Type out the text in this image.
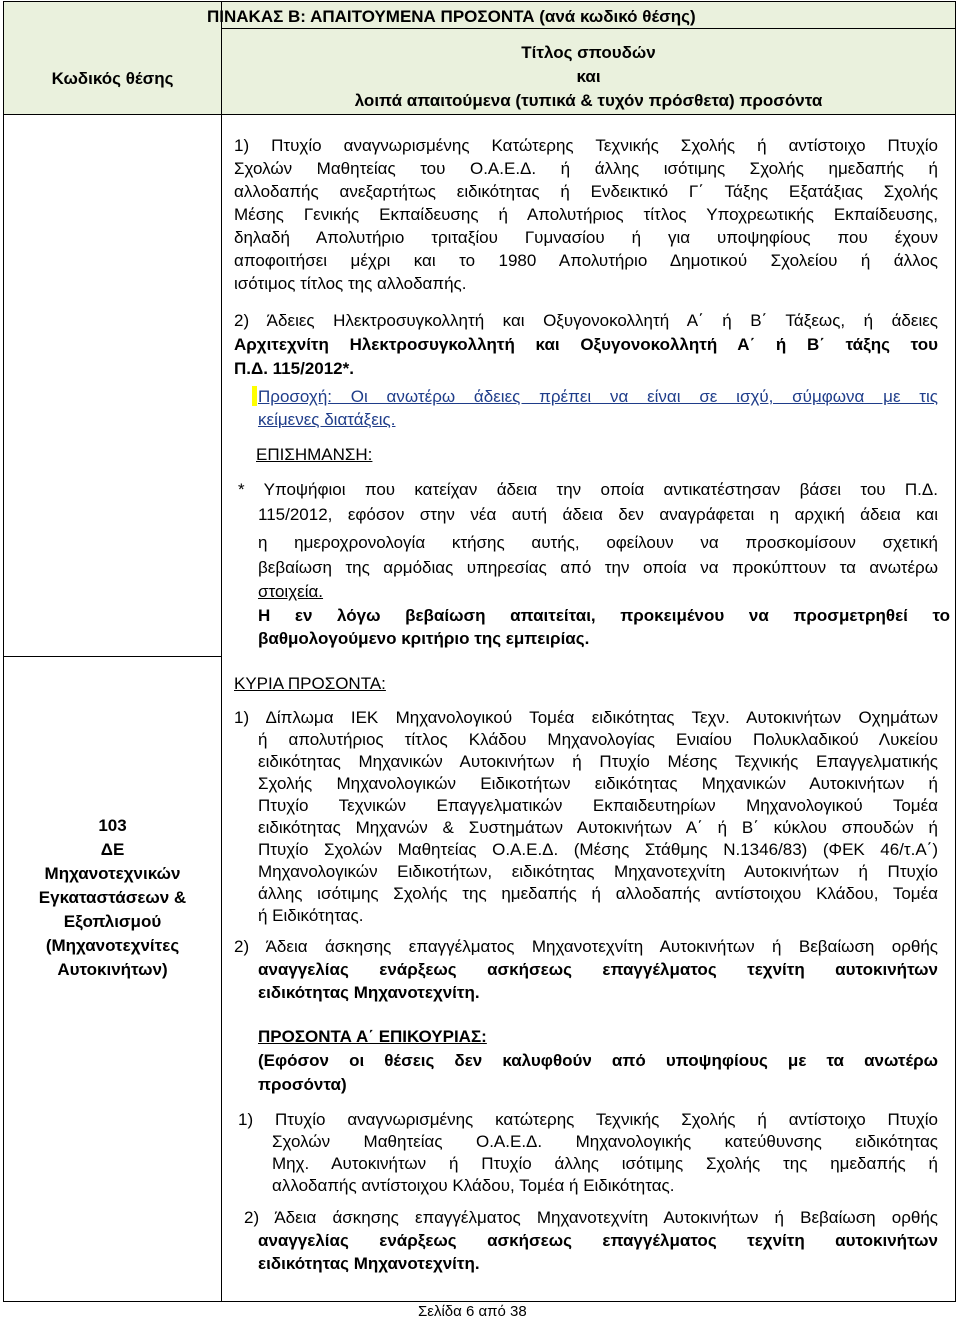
ΠΙΝΑΚΑΣ Β: ΑΠΑΙΤΟΥΜΕΝΑ ΠΡΟΣΟΝΤΑ (ανά κωδικό θέσης)
Κωδικός θέσης
Τίτλος σπουδών
και
λοιπά απαιτούμενα (τυπικά & τυχόν πρόσθετα) προσόντα
103
ΔΕ
Μηχανοτεχνικών
Εγκαταστάσεων &
Εξοπλισμού
(Μηχανοτεχνίτες
Αυτοκινήτων)
1) Πτυχίο αναγνωρισμένης Κατώτερης Τεχνικής Σχολής ή αντίστοιχο Πτυχίο
Σχολών Μαθητείας του Ο.Α.Ε.Δ. ή άλλης ισότιμης Σχολής ημεδαπής ή
αλλοδαπής ανεξαρτήτως ειδικότητας ή Ενδεικτικό Γ΄ Τάξης Εξατάξιας Σχολής
Μέσης Γενικής Εκπαίδευσης ή Απολυτήριος τίτλος Υποχρεωτικής Εκπαίδευσης,
δηλαδή Απολυτήριο τριταξίου Γυμνασίου ή για υποψηφίους που έχουν
αποφοιτήσει μέχρι και το 1980 Απολυτήριο Δημοτικού Σχολείου ή άλλος
ισότιμος τίτλος της αλλοδαπής.
2) Άδειες Ηλεκτροσυγκολλητή και Οξυγονοκολλητή Α΄ ή Β΄ Τάξεως, ή άδειες
Αρχιτεχνίτη Ηλεκτροσυγκολλητή και Οξυγονοκολλητή Α΄ ή Β΄ τάξης του
Π.Δ. 115/2012*.
Προσοχή: Οι ανωτέρω άδειες πρέπει να είναι σε ισχύ, σύμφωνα με τις
κείμενες διατάξεις.
ΕΠΙΣΗΜΑΝΣΗ:
* Υποψήφιοι που κατείχαν άδεια την οποία αντικατέστησαν βάσει του Π.Δ.
115/2012, εφόσον στην νέα αυτή άδεια δεν αναγράφεται η αρχική άδεια και
η ημεροχρονολογία κτήσης αυτής, οφείλουν να προσκομίσουν σχετική
βεβαίωση της αρμόδιας υπηρεσίας από την οποία να προκύπτουν τα ανωτέρω
στοιχεία.
Η εν λόγω βεβαίωση απαιτείται, προκειμένου να προσμετρηθεί το
βαθμολογούμενο κριτήριο της εμπειρίας.
ΚΥΡΙΑ ΠΡΟΣΟΝΤΑ:
1) Δίπλωμα ΙΕΚ Μηχανολογικού Τομέα ειδικότητας Τεχν. Αυτοκινήτων Οχημάτων
ή απολυτήριος τίτλος Κλάδου Μηχανολογίας Ενιαίου Πολυκλαδικού Λυκείου
ειδικότητας Μηχανικών Αυτοκινήτων ή Πτυχίο Μέσης Τεχνικής Επαγγελματικής
Σχολής Μηχανολογικών Ειδικοτήτων ειδικότητας Μηχανικών Αυτοκινήτων ή
Πτυχίο Τεχνικών Επαγγελματικών Εκπαιδευτηρίων Μηχανολογικού Τομέα
ειδικότητας Μηχανών & Συστημάτων Αυτοκινήτων Α΄ ή Β΄ κύκλου σπουδών ή
Πτυχίο Σχολών Μαθητείας Ο.Α.Ε.Δ. (Μέσης Στάθμης Ν.1346/83) (ΦΕΚ 46/τ.Α΄)
Μηχανολογικών Ειδικοτήτων, ειδικότητας Μηχανοτεχνίτη Αυτοκινήτων ή Πτυχίο
άλλης ισότιμης Σχολής της ημεδαπής ή αλλοδαπής αντίστοιχου Κλάδου, Τομέα
ή Ειδικότητας.
2) Άδεια άσκησης επαγγέλματος Μηχανοτεχνίτη Αυτοκινήτων ή Βεβαίωση ορθής
αναγγελίας ενάρξεως ασκήσεως επαγγέλματος τεχνίτη αυτοκινήτων
ειδικότητας Μηχανοτεχνίτη.
ΠΡΟΣΟΝΤΑ Α΄ ΕΠΙΚΟΥΡΙΑΣ:
(Εφόσον οι θέσεις δεν καλυφθούν από υποψηφίους με τα ανωτέρω
προσόντα)
1) Πτυχίο αναγνωρισμένης κατώτερης Τεχνικής Σχολής ή αντίστοιχο Πτυχίο
Σχολών Μαθητείας Ο.Α.Ε.Δ. Μηχανολογικής κατεύθυνσης ειδικότητας
Μηχ. Αυτοκινήτων ή Πτυχίο άλλης ισότιμης Σχολής της ημεδαπής ή
αλλοδαπής αντίστοιχου Κλάδου, Τομέα ή Ειδικότητας.
2) Άδεια άσκησης επαγγέλματος Μηχανοτεχνίτη Αυτοκινήτων ή Βεβαίωση ορθής
αναγγελίας ενάρξεως ασκήσεως επαγγέλματος τεχνίτη αυτοκινήτων
ειδικότητας Μηχανοτεχνίτη.
Σελίδα 6 από 38
